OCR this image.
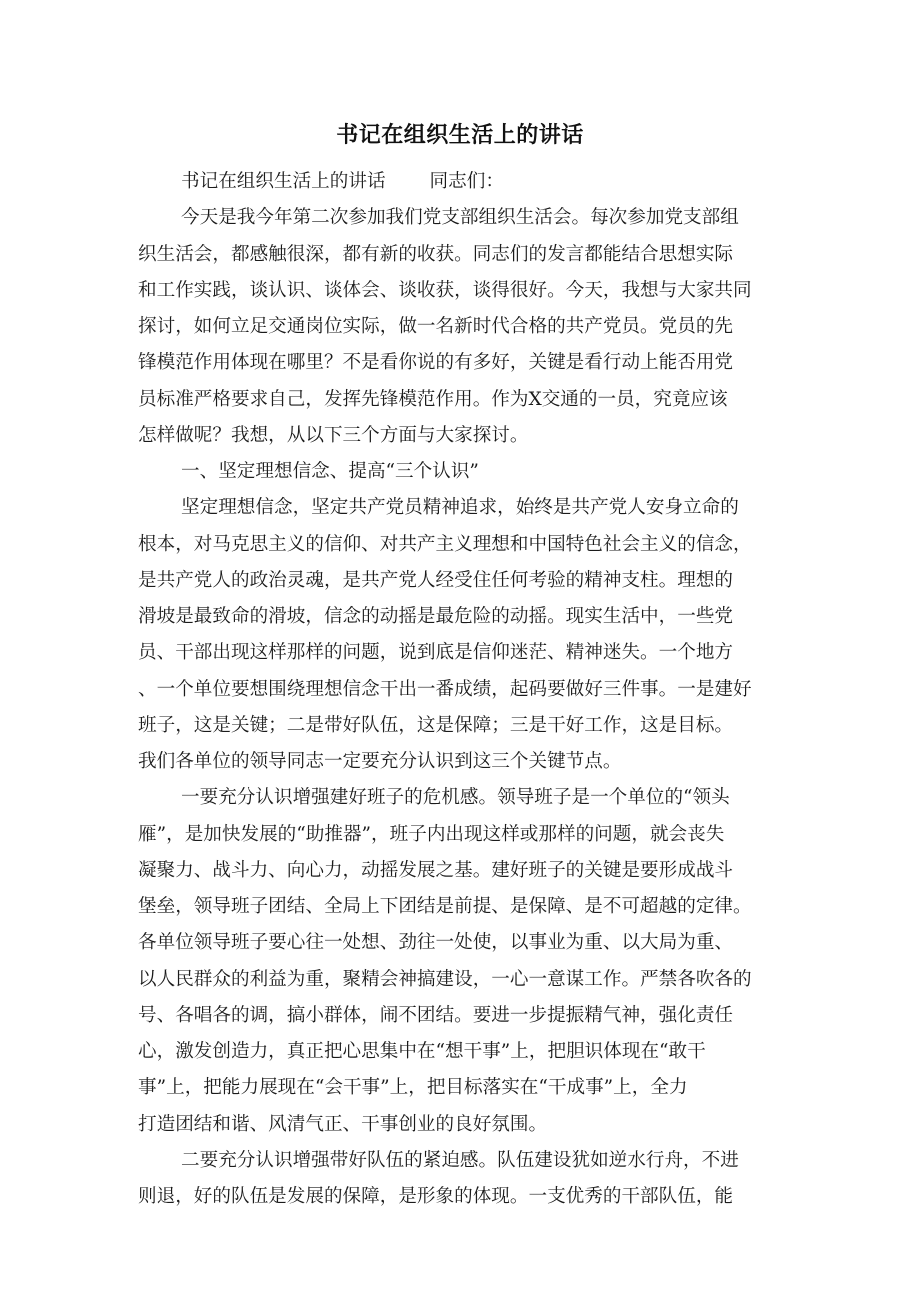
书记在组织生活上的讲话
书记在组织生活上的讲话 同志们：
今天是我今年第二次参加我们党支部组织生活会。每次参加党支部组
织生活会，都感触很深，都有新的收获。同志们的发言都能结合思想实际
和工作实践，谈认识、谈体会、谈收获，谈得很好。今天，我想与大家共同
探讨，如何立足交通岗位实际，做一名新时代合格的共产党员。党员的先
锋模范作用体现在哪里？不是看你说的有多好，关键是看行动上能否用党
员标准严格要求自己，发挥先锋模范作用。作为X交通的一员，究竟应该
怎样做呢？我想，从以下三个方面与大家探讨。
一、坚定理想信念、提高“三个认识”
坚定理想信念，坚定共产党员精神追求，始终是共产党人安身立命的
根本，对马克思主义的信仰、对共产主义理想和中国特色社会主义的信念，
是共产党人的政治灵魂，是共产党人经受住任何考验的精神支柱。理想的
滑坡是最致命的滑坡，信念的动摇是最危险的动摇。现实生活中，一些党
员、干部出现这样那样的问题，说到底是信仰迷茫、精神迷失。一个地方
、一个单位要想围绕理想信念干出一番成绩，起码要做好三件事。一是建好
班子，这是关键；二是带好队伍，这是保障；三是干好工作，这是目标。
我们各单位的领导同志一定要充分认识到这三个关键节点。
一要充分认识增强建好班子的危机感。领导班子是一个单位的“领头
雁”，是加快发展的“助推器”，班子内出现这样或那样的问题，就会丧失
凝聚力、战斗力、向心力，动摇发展之基。建好班子的关键是要形成战斗
堡垒，领导班子团结、全局上下团结是前提、是保障、是不可超越的定律。
各单位领导班子要心往一处想、劲往一处使，以事业为重、以大局为重、
以人民群众的利益为重，聚精会神搞建设，一心一意谋工作。严禁各吹各的
号、各唱各的调，搞小群体，闹不团结。要进一步提振精气神，强化责任
心，激发创造力，真正把心思集中在“想干事”上，把胆识体现在“敢干
事”上，把能力展现在“会干事”上，把目标落实在“干成事”上，全力
打造团结和谐、风清气正、干事创业的良好氛围。
二要充分认识增强带好队伍的紧迫感。队伍建设犹如逆水行舟，不进
则退，好的队伍是发展的保障，是形象的体现。一支优秀的干部队伍，能
